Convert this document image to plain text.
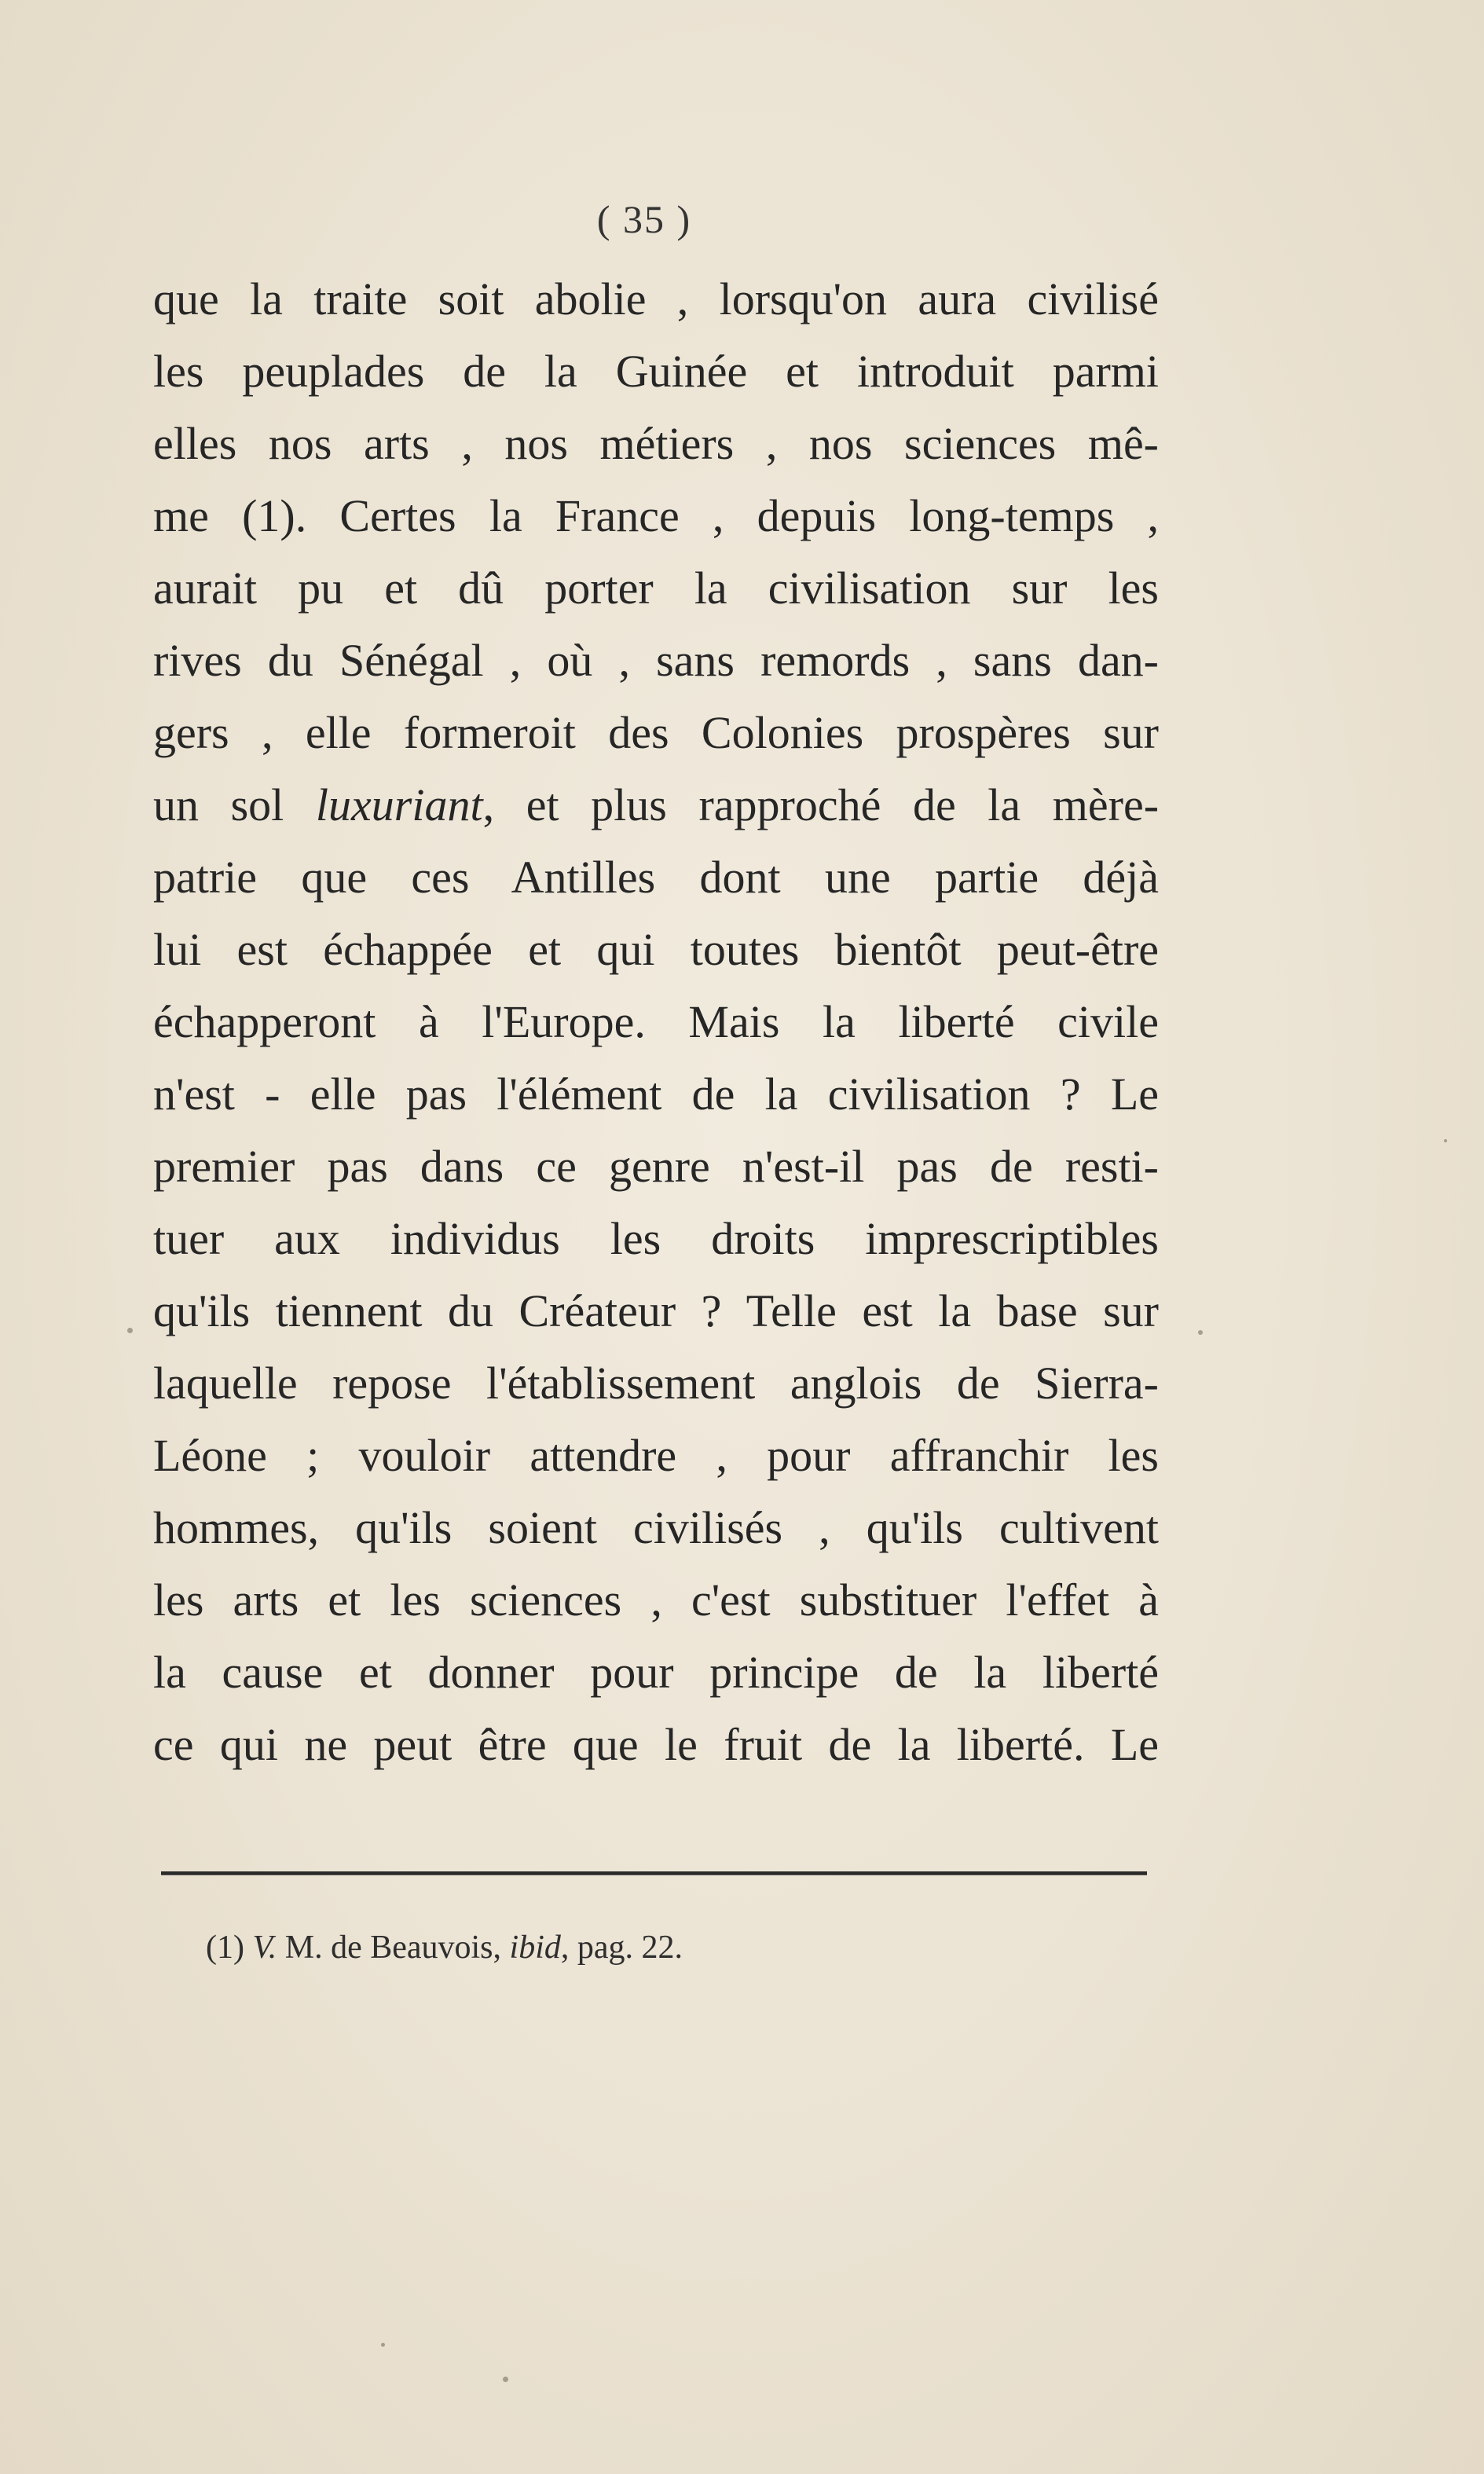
( 35 )
que la traite soit abolie , lorsqu'on aura civilisé
les peuplades de la Guinée et introduit parmi
elles nos arts , nos métiers , nos sciences mê-
me (1). Certes la France , depuis long-temps ,
aurait pu et dû porter la civilisation sur les
rives du Sénégal , où , sans remords , sans dan-
gers , elle formeroit des Colonies prospères sur
un sol luxuriant, et plus rapproché de la mère-
patrie que ces Antilles dont une partie déjà
lui est échappée et qui toutes bientôt peut-être
échapperont à l'Europe. Mais la liberté civile
n'est - elle pas l'élément de la civilisation ? Le
premier pas dans ce genre n'est-il pas de resti-
tuer aux individus les droits imprescriptibles
qu'ils tiennent du Créateur ? Telle est la base sur
laquelle repose l'établissement anglois de Sierra-
Léone ; vouloir attendre , pour affranchir les
hommes, qu'ils soient civilisés , qu'ils cultivent
les arts et les sciences , c'est substituer l'effet à
la cause et donner pour principe de la liberté
ce qui ne peut être que le fruit de la liberté. Le
(1) V. M. de Beauvois, ibid, pag. 22.
